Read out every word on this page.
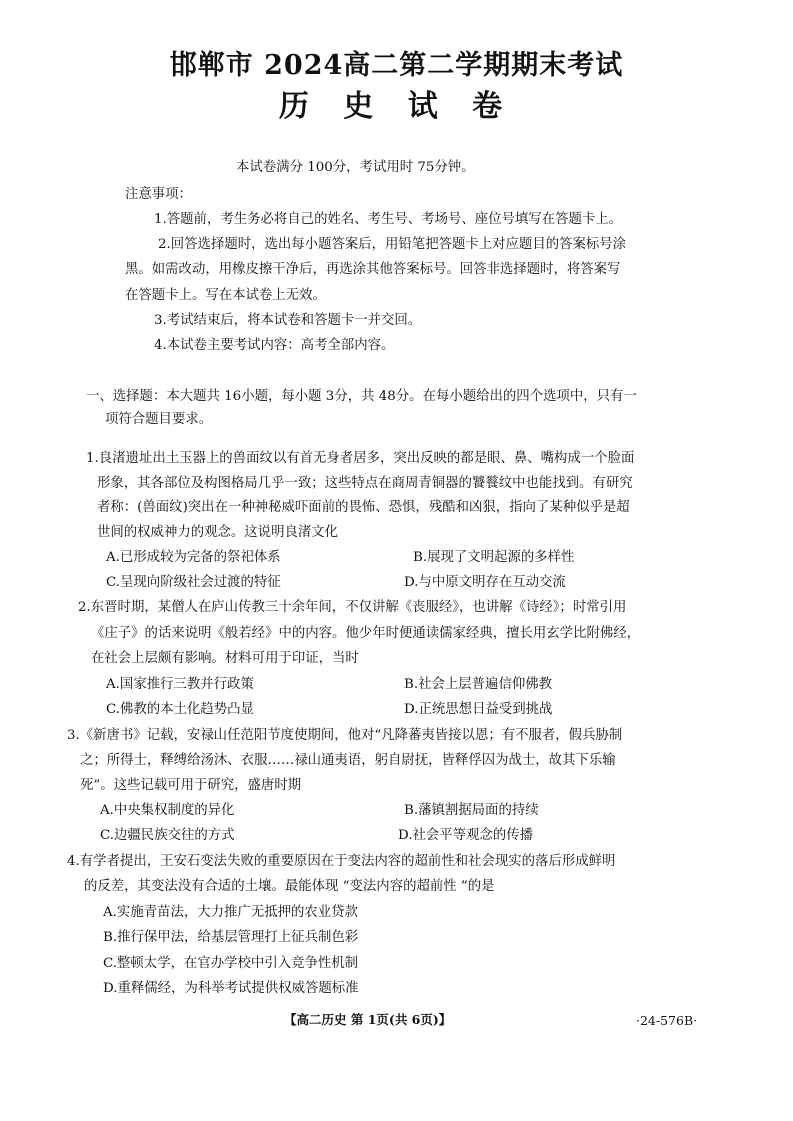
邯郸市 2024高二第二学期期末考试
历 史 试 卷
本试卷满分 100分，考试用时 75分钟。
注意事项：
1.答题前，考生务必将自己的姓名、考生号、考场号、座位号填写在答题卡上。
2.回答选择题时，选出每小题答案后，用铅笔把答题卡上对应题目的答案标号涂
黑。如需改动，用橡皮擦干净后，再选涂其他答案标号。回答非选择题时，将答案写
在答题卡上。写在本试卷上无效。
3.考试结束后，将本试卷和答题卡一并交回。
4.本试卷主要考试内容：高考全部内容。
一、选择题：本大题共 16小题，每小题 3分，共 48分。在每小题给出的四个选项中，只有一
项符合题目要求。
1.良渚遗址出土玉器上的兽面纹以有首无身者居多，突出反映的都是眼、鼻、嘴构成一个脸面
形象，其各部位及构图格局几乎一致；这些特点在商周青铜器的饕餮纹中也能找到。有研究
者称：(兽面纹)突出在一种神秘威吓面前的畏怖、恐惧，残酷和凶狠，指向了某种似乎是超
世间的权威神力的观念。这说明良渚文化
A.已形成较为完备的祭祀体系	B.展现了文明起源的多样性
C.呈现向阶级社会过渡的特征	D.与中原文明存在互动交流
2.东晋时期，某僧人在庐山传教三十余年间，不仅讲解《丧服经》，也讲解《诗经》；时常引用
《庄子》的话来说明《般若经》中的内容。他少年时便通读儒家经典，擅长用玄学比附佛经，
在社会上层颇有影响。材料可用于印证，当时
A.国家推行三教并行政策	B.社会上层普遍信仰佛教
C.佛教的本土化趋势凸显	D.正统思想日益受到挑战
3.《新唐书》记载，安禄山任范阳节度使期间，他对“凡降蕃夷皆接以恩；有不服者，假兵胁制
之；所得士，释缚给汤沐、衣服……禄山通夷语，躬自尉抚，皆释俘囚为战士，故其下乐输
死”。这些记载可用于研究，盛唐时期
A.中央集权制度的异化	B.藩镇割据局面的持续
C.边疆民族交往的方式	D.社会平等观念的传播
4.有学者提出，王安石变法失败的重要原因在于变法内容的超前性和社会现实的落后形成鲜明
的反差，其变法没有合适的土壤。最能体现 “变法内容的超前性 ”的是
A.实施青苗法，大力推广无抵押的农业贷款
B.推行保甲法，给基层管理打上征兵制色彩
C.整顿太学，在官办学校中引入竞争性机制
D.重释儒经，为科举考试提供权威答题标准
【高二历史 第 1页(共 6页)】	·24-576B·
